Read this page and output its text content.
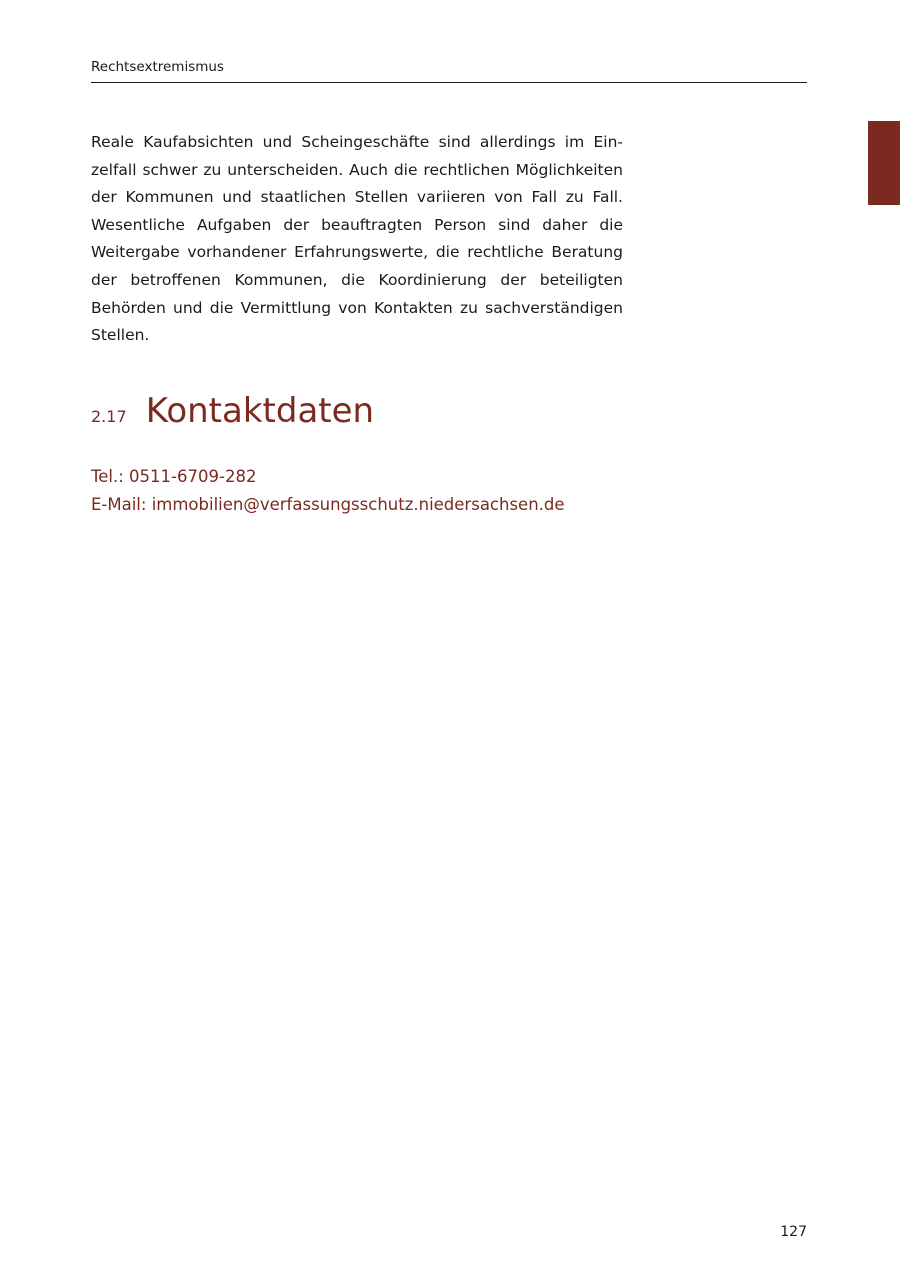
Rechtsextremismus

Reale Kaufabsichten und Scheingeschäfte sind allerdings im Einzelfall schwer zu unterscheiden. Auch die rechtlichen Möglichkeiten der Kommunen und staatlichen Stellen variieren von Fall zu Fall. Wesentliche Aufgaben der beauftragten Person sind daher die Weitergabe vorhandener Erfahrungswerte, die rechtliche Beratung der betroffenen Kommunen, die Koordinierung der beteiligten Behörden und die Vermittlung von Kontakten zu sachverständigen Stellen.

2.17 Kontaktdaten
Tel.: 0511-6709-282
E-Mail: immobilien@verfassungsschutz.niedersachsen.de
127
